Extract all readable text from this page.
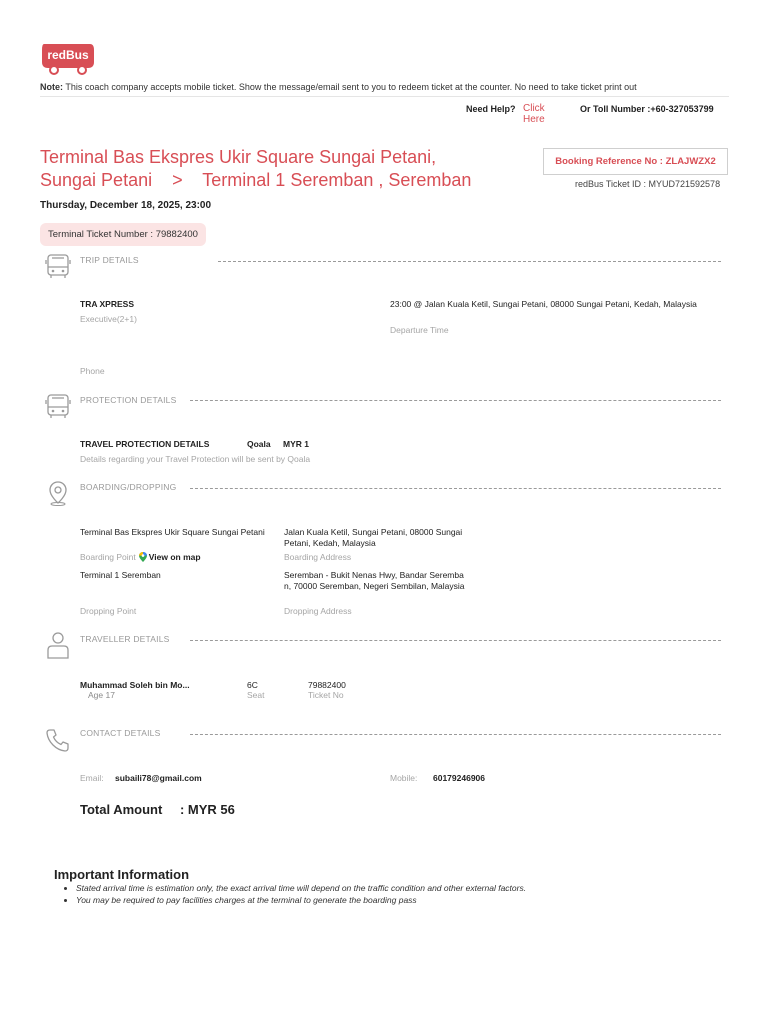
redBus
Note: This coach company accepts mobile ticket. Show the message/email sent to you to redeem ticket at the counter. No need to take ticket print out
Need Help? Click Here
Or Toll Number :+60-327053799
Terminal Bas Ekspres Ukir Square Sungai Petani,
Sungai Petani    >    Terminal 1 Seremban , Seremban
Booking Reference No : ZLAJWZX2
redBus Ticket ID : MYUD721592578
Thursday, December 18, 2025, 23:00
Terminal Ticket Number : 79882400
TRIP DETAILS
TRA XPRESS
Executive(2+1)
23:00 @ Jalan Kuala Ketil, Sungai Petani, 08000 Sungai Petani, Kedah, Malaysia
Departure Time
Phone
PROTECTION DETAILS
TRAVEL PROTECTION DETAILS	Qoala MYR 1
Details regarding your Travel Protection will be sent by Qoala
BOARDING/DROPPING
Terminal Bas Ekspres Ukir Square Sungai Petani
Boarding Point View on map
Jalan Kuala Ketil, Sungai Petani, 08000 Sungai Petani, Kedah, Malaysia
Boarding Address
Terminal 1 Seremban
Dropping Point
Seremban - Bukit Nenas Hwy, Bandar Seremban, 70000 Seremban, Negeri Sembilan, Malaysia
Dropping Address
TRAVELLER DETAILS
Muhammad Soleh bin Mo...
Age 17
6C
Seat
79882400
Ticket No
CONTACT DETAILS
Email: subaili78@gmail.com	Mobile: 60179246906
Total Amount : MYR 56
Important Information
• Stated arrival time is estimation only, the exact arrival time will depend on the traffic condition and other external factors.
• You may be required to pay facilities charges at the terminal to generate the boarding pass
